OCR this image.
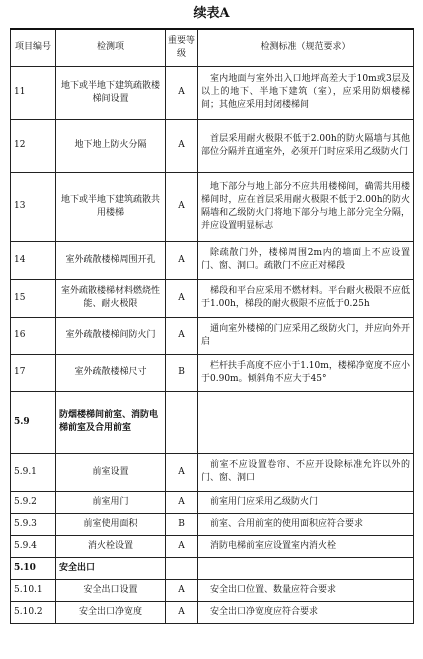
续表A
项目编号	检测项	重要等级	检测标准（规范要求）
11	地下或半地下建筑疏散楼梯间设置	A	室内地面与室外出入口地坪高差大于10m或3层及以上的地下、半地下建筑（室），应采用防烟楼梯间；其他应采用封闭楼梯间
12	地下地上防火分隔	A	首层采用耐火极限不低于2.00h的防火隔墙与其他部位分隔并直通室外，必须开门时应采用乙级防火门
13	地下或半地下建筑疏散共用楼梯	A	地下部分与地上部分不应共用楼梯间，确需共用楼梯间时，应在首层采用耐火极限不低于2.00h的防火隔墙和乙级防火门将地下部分与地上部分完全分隔，并应设置明显标志
14	室外疏散楼梯周围开孔	A	除疏散门外，楼梯周围2m内的墙面上不应设置门、窗、洞口。疏散门不应正对梯段
15	室外疏散楼梯材料燃烧性能、耐火极限	A	梯段和平台应采用不燃材料。平台耐火极限不应低于1.00h，梯段的耐火极限不应低于0.25h
16	室外疏散楼梯间防火门	A	通向室外楼梯的门应采用乙级防火门，并应向外开启
17	室外疏散楼梯尺寸	B	栏杆扶手高度不应小于1.10m，楼梯净宽度不应小于0.90m。倾斜角不应大于45°
5.9	防烟楼梯间前室、消防电梯前室及合用前室		
5.9.1	前室设置	A	前室不应设置卷帘、不应开设除标准允许以外的门、窗、洞口
5.9.2	前室用门	A	前室用门应采用乙级防火门
5.9.3	前室使用面积	B	前室、合用前室的使用面积应符合要求
5.9.4	消火栓设置	A	消防电梯前室应设置室内消火栓
5.10	安全出口		
5.10.1	安全出口设置	A	安全出口位置、数量应符合要求
5.10.2	安全出口净宽度	A	安全出口净宽度应符合要求
